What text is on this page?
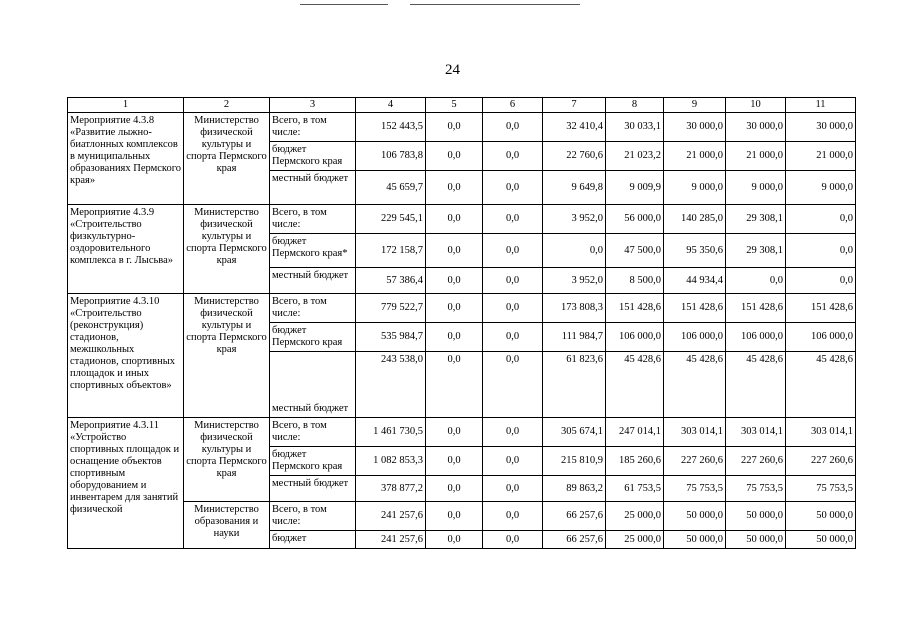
24
1	2	3	4	5	6	7	8	9	10	11
Мероприятие 4.3.8 «Развитие лыжно-биатлонных комплексов в муниципальных образованиях Пермского края»	Министерство физической культуры и спорта Пермского края	Всего, в том числе:	152 443,5	0,0	0,0	32 410,4	30 033,1	30 000,0	30 000,0	30 000,0
		бюджет Пермского края	106 783,8	0,0	0,0	22 760,6	21 023,2	21 000,0	21 000,0	21 000,0
		местный бюджет	45 659,7	0,0	0,0	9 649,8	9 009,9	9 000,0	9 000,0	9 000,0
Мероприятие 4.3.9 «Строительство физкультурно-оздоровительного комплекса в г. Лысьва»	Министерство физической культуры и спорта Пермского края	Всего, в том числе:	229 545,1	0,0	0,0	3 952,0	56 000,0	140 285,0	29 308,1	0,0
		бюджет Пермского края*	172 158,7	0,0	0,0	0,0	47 500,0	95 350,6	29 308,1	0,0
		местный бюджет	57 386,4	0,0	0,0	3 952,0	8 500,0	44 934,4	0,0	0,0
Мероприятие 4.3.10 «Строительство (реконструкция) стадионов, межшкольных стадионов, спортивных площадок и иных спортивных объектов»	Министерство физической культуры и спорта Пермского края	Всего, в том числе:	779 522,7	0,0	0,0	173 808,3	151 428,6	151 428,6	151 428,6	151 428,6
		бюджет Пермского края	535 984,7	0,0	0,0	111 984,7	106 000,0	106 000,0	106 000,0	106 000,0
		местный бюджет	243 538,0	0,0	0,0	61 823,6	45 428,6	45 428,6	45 428,6	45 428,6
Мероприятие 4.3.11 «Устройство спортивных площадок и оснащение объектов спортивным оборудованием и инвентарем для занятий физической	Министерство физической культуры и спорта Пермского края	Всего, в том числе:	1 461 730,5	0,0	0,0	305 674,1	247 014,1	303 014,1	303 014,1	303 014,1
		бюджет Пермского края	1 082 853,3	0,0	0,0	215 810,9	185 260,6	227 260,6	227 260,6	227 260,6
		местный бюджет	378 877,2	0,0	0,0	89 863,2	61 753,5	75 753,5	75 753,5	75 753,5
	Министерство образования и науки	Всего, в том числе:	241 257,6	0,0	0,0	66 257,6	25 000,0	50 000,0	50 000,0	50 000,0
		бюджет	241 257,6	0,0	0,0	66 257,6	25 000,0	50 000,0	50 000,0	50 000,0
